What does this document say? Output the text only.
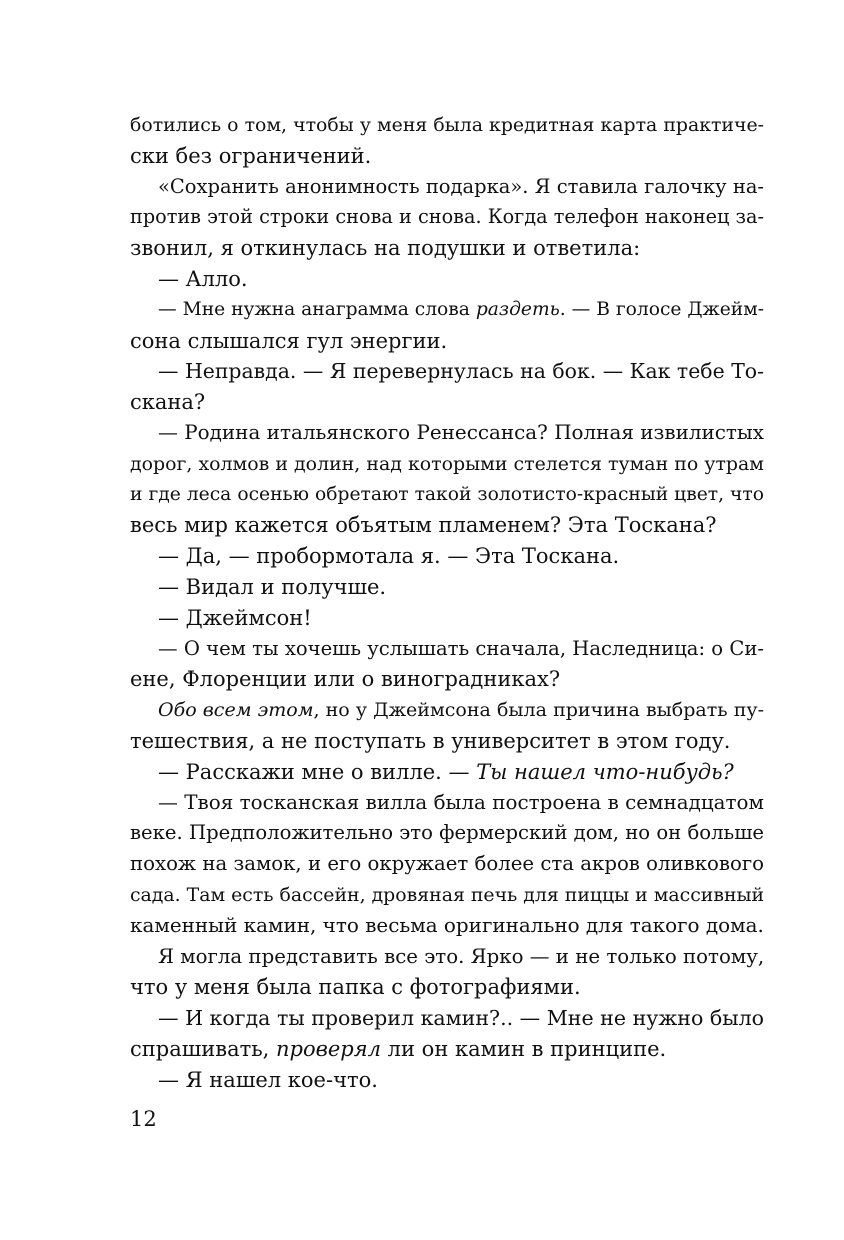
ботились о том, чтобы у меня была кредитная карта практиче-
ски без ограничений.
«Сохранить анонимность подарка». Я ставила галочку на-
против этой строки снова и снова. Когда телефон наконец за-
звонил, я откинулась на подушки и ответила:
— Алло.
— Мне нужна анаграмма слова раздеть. — В голосе Джейм-
сона слышался гул энергии.
— Неправда. — Я перевернулась на бок. — Как тебе То-
скана?
— Родина итальянского Ренессанса? Полная извилистых
дорог, холмов и долин, над которыми стелется туман по утрам
и где леса осенью обретают такой золотисто-красный цвет, что
весь мир кажется объятым пламенем? Эта Тоскана?
— Да, — пробормотала я. — Эта Тоскана.
— Видал и получше.
— Джеймсон!
— О чем ты хочешь услышать сначала, Наследница: о Си-
ене, Флоренции или о виноградниках?
Обо всем этом, но у Джеймсона была причина выбрать пу-
тешествия, а не поступать в университет в этом году.
— Расскажи мне о вилле. — Ты нашел что-нибудь?
— Твоя тосканская вилла была построена в семнадцатом
веке. Предположительно это фермерский дом, но он больше
похож на замок, и его окружает более ста акров оливкового
сада. Там есть бассейн, дровяная печь для пиццы и массивный
каменный камин, что весьма оригинально для такого дома.
Я могла представить все это. Ярко — и не только потому,
что у меня была папка с фотографиями.
— И когда ты проверил камин?.. — Мне не нужно было
спрашивать, проверял ли он камин в принципе.
— Я нашел кое-что.
12
